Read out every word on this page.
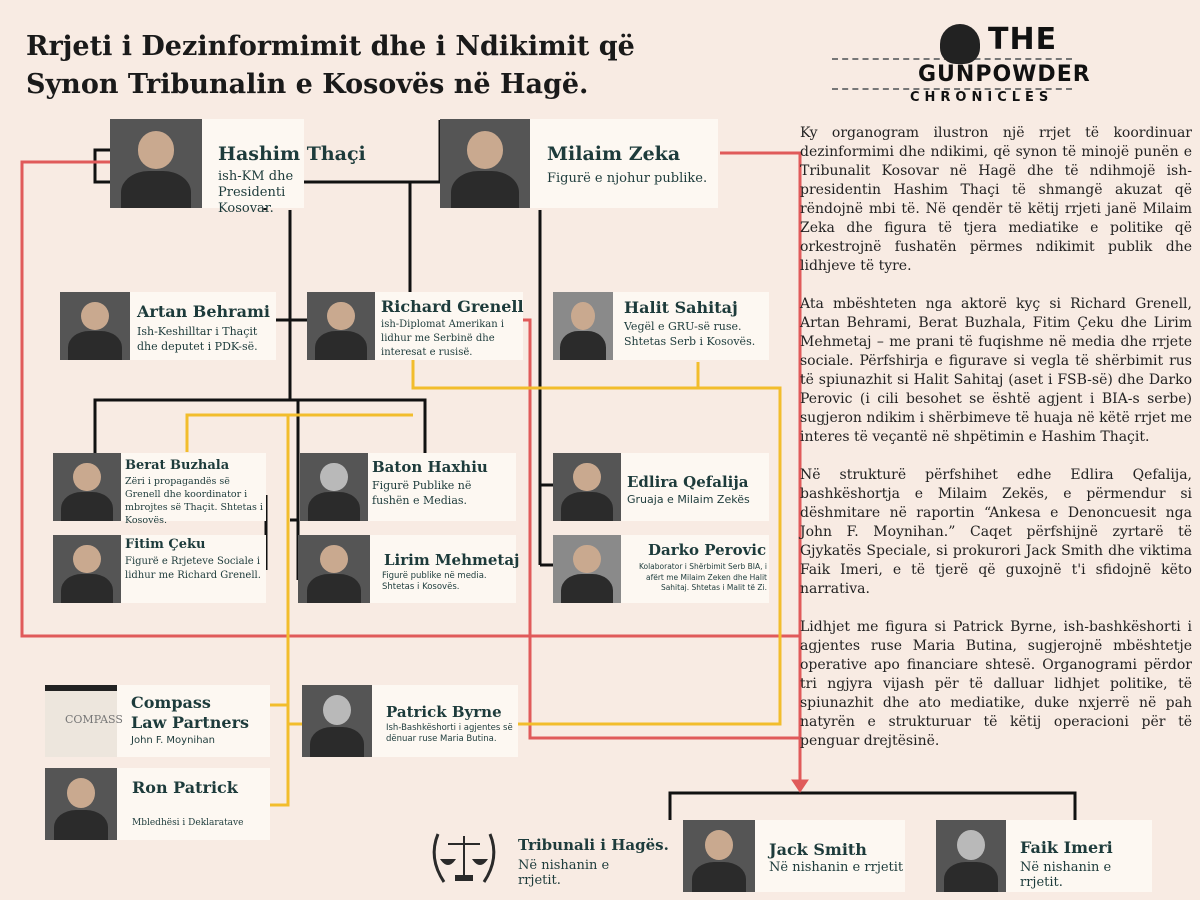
Rrjeti i Dezinformimit dhe i Ndikimit që Synon Tribunalin e Kosovës në Hagë.
THE
GUNPOWDER
CHRONICLES
Hashim Thaçi
ish-KM dhe Presidenti Kosovar.
Milaim Zeka
Figurë e njohur publike.
Artan Behrami
Ish-Keshilltar i Thaçit dhe deputet i PDK-së.
Richard Grenell
ish-Diplomat Amerikan i lidhur me Serbinë dhe interesat e rusisë.
Halit Sahitaj
Vegël e GRU-së ruse. Shtetas Serb i Kosovës.
Berat Buzhala
Zëri i propagandës së Grenell dhe koordinator i mbrojtes së Thaçit. Shtetas i Kosovës.
Baton Haxhiu
Figurë Publike në fushën e Medias.
Edlira Qefalija
Gruaja e Milaim Zekës
Fitim Çeku
Figurë e Rrjeteve Sociale i lidhur me Richard Grenell.
Lirim Mehmetaj
Figurë publike në media. Shtetas i Kosovës.
Darko Perovic
Kolaborator i Shërbimit Serb BIA, i afërt me Milaim Zeken dhe Halit Sahitaj. Shtetas i Malit të Zi.
COMPASS
Compass Law Partners
John F. Moynihan
Patrick Byrne
Ish-Bashkëshorti i agjentes së dënuar ruse Maria Butina.
Ron Patrick
Mbledhësi i Deklaratave
Tribunali i Hagës.
Në nishanin e rrjetit.
Jack Smith
Në nishanin e rrjetit
Faik Imeri
Në nishanin e rrjetit.

Ky organogram ilustron një rrjet të koordinuar dezinformimi dhe ndikimi, që synon të minojë punën e Tribunalit Kosovar në Hagë dhe të ndihmojë ish-presidentin Hashim Thaçi të shmangë akuzat që rëndojnë mbi të. Në qendër të këtij rrjeti janë Milaim Zeka dhe figura të tjera mediatike e politike që orkestrojnë fushatën përmes ndikimit publik dhe lidhjeve të tyre.

Ata mbështeten nga aktorë kyç si Richard Grenell, Artan Behrami, Berat Buzhala, Fitim Çeku dhe Lirim Mehmetaj – me prani të fuqishme në media dhe rrjete sociale. Përfshirja e figurave si vegla të shërbimit rus të spiunazhit si Halit Sahitaj (aset i FSB-së) dhe Darko Perovic (i cili besohet se është agjent i BIA-s serbe) sugjeron ndikim i shërbimeve të huaja në këtë rrjet me interes të veçantë në shpëtimin e Hashim Thaçit.

Në strukturë përfshihet edhe Edlira Qefalija, bashkëshortja e Milaim Zekës, e përmendur si dëshmitare në raportin “Ankesa e Denoncuesit nga John F. Moynihan.” Caqet përfshijnë zyrtarë të Gjykatës Speciale, si prokurori Jack Smith dhe viktima Faik Imeri, e të tjerë që guxojnë t'i sfidojnë këto narrativa.

Lidhjet me figura si Patrick Byrne, ish-bashkëshorti i agjentes ruse Maria Butina, sugjerojnë mbështetje operative apo financiare shtesë. Organogrami përdor tri ngjyra vijash për të dalluar lidhjet politike, të spiunazhit dhe ato mediatike, duke nxjerrë në pah natyrën e strukturuar të këtij operacioni për të penguar drejtësinë.
